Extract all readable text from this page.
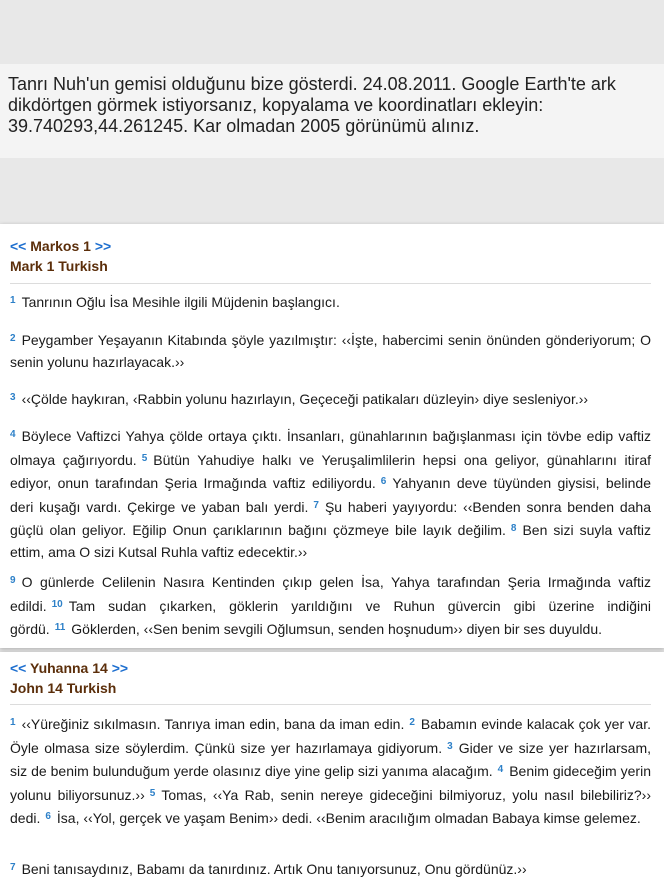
Tanrı Nuh'un gemisi olduğunu bize gösterdi. 24.08.2011. Google Earth'te ark dikdörtgen görmek istiyorsanız, kopyalama ve koordinatları ekleyin: 39.740293,44.261245. Kar olmadan 2005 görünümü alınız.
<< Markos 1 >>
Mark 1 Turkish
$^1$ Tanrının Oğlu İsa Mesihle ilgili Müjdenin başlangıcı.
$^2$ Peygamber Yeşayanın Kitabında şöyle yazılmıştır: ‹‹İşte, habercimi senin önünden gönderiyorum; O senin yolunu hazırlayacak.››
$^3$ ‹‹Çölde haykıran, ‹Rabbin yolunu hazırlayın, Geçeceği patikaları düzleyin› diye sesleniyor.››
$^4$ Böylece Vaftizci Yahya çölde ortaya çıktı. İnsanları, günahlarının bağışlanması için tövbe edip vaftiz olmaya çağırıyordu. $^5$ Bütün Yahudiye halkı ve Yeruşalimlilerin hepsi ona geliyor, günahlarını itiraf ediyor, onun tarafından Şeria Irmağında vaftiz ediliyordu. $^6$ Yahyanın deve tüyünden giysisi, belinde deri kuşağı vardı. Çekirge ve yaban balı yerdi. $^7$ Şu haberi yayıyordu: ‹‹Benden sonra benden daha güçlü olan geliyor. Eğilip Onun çarıklarının bağını çözmeye bile layık değilim. $^8$ Ben sizi suyla vaftiz ettim, ama O sizi Kutsal Ruhla vaftiz edecektir.››
$^9$ O günlerde Celilenin Nasıra Kentinden çıkıp gelen İsa, Yahya tarafından Şeria Irmağında vaftiz edildi. $^{10}$ Tam sudan çıkarken, göklerin yarıldığını ve Ruhun güvercin gibi üzerine indiğini gördü. $^{11}$ Göklerden, ‹‹Sen benim sevgili Oğlumsun, senden hoşnudum›› diyen bir ses duyuldu.
<< Yuhanna 14 >>
John 14 Turkish
$^1$ ‹‹Yüreğiniz sıkılmasın. Tanrıya iman edin, bana da iman edin. $^2$ Babamın evinde kalacak çok yer var. Öyle olmasa size söylerdim. Çünkü size yer hazırlamaya gidiyorum. $^3$ Gider ve size yer hazırlarsam, siz de benim bulunduğum yerde olasınız diye yine gelip sizi yanıma alacağım. $^4$ Benim gideceğim yerin yolunu biliyorsunuz.›› $^5$ Tomas, ‹‹Ya Rab, senin nereye gideceğini bilmiyoruz, yolu nasıl bilebiliriz?›› dedi. $^6$ İsa, ‹‹Yol, gerçek ve yaşam Benim›› dedi. ‹‹Benim aracılığım olmadan Babaya kimse gelemez.
$^7$ Beni tanısaydınız, Babamı da tanırdınız. Artık Onu tanıyorsunuz, Onu gördünüz.››
